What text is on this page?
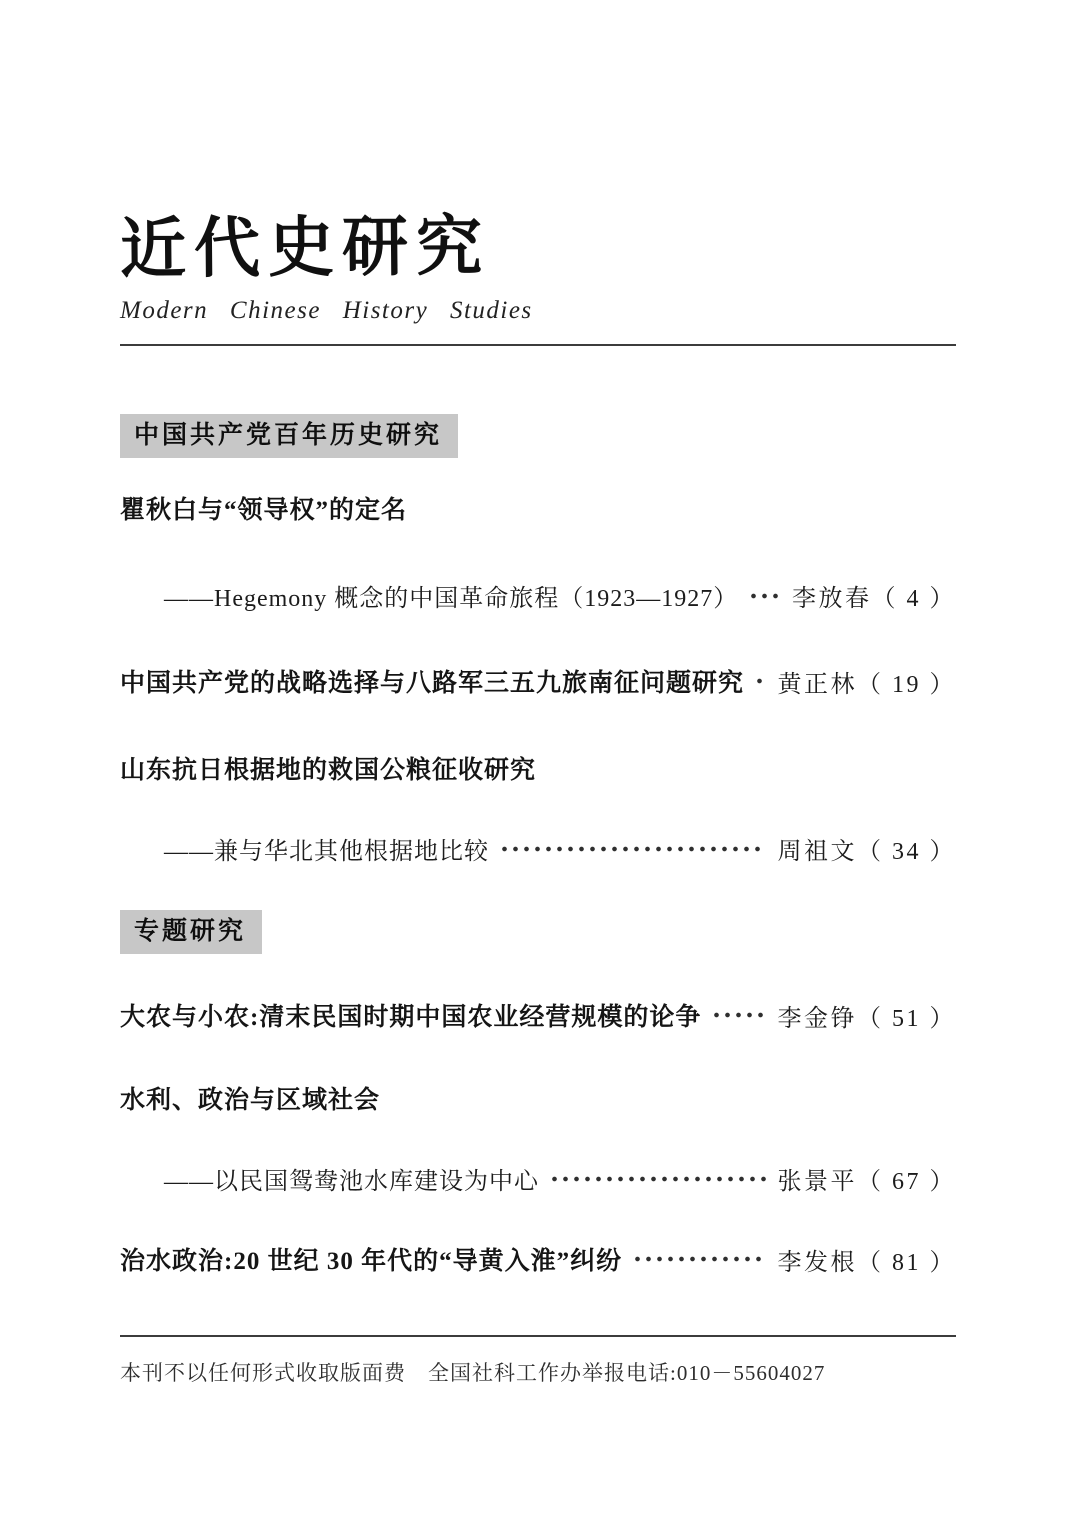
近代史研究
Modern Chinese History Studies
中国共产党百年历史研究
瞿秋白与“领导权”的定名
——Hegemony 概念的中国革命旅程（1923—1927） 李放春（ 4 ）
中国共产党的战略选择与八路军三五九旅南征问题研究 黄正林（ 19 ）
山东抗日根据地的救国公粮征收研究
——兼与华北其他根据地比较	周祖文（ 34 ）
专题研究
大农与小农:清末民国时期中国农业经营规模的论争	李金铮（ 51 ）
水利、政治与区域社会
——以民国鸳鸯池水库建设为中心	张景平（ 67 ）
治水政治:20 世纪 30 年代的“导黄入淮”纠纷	李发根（ 81 ）
本刊不以任何形式收取版面费　全国社科工作办举报电话:010－55604027
